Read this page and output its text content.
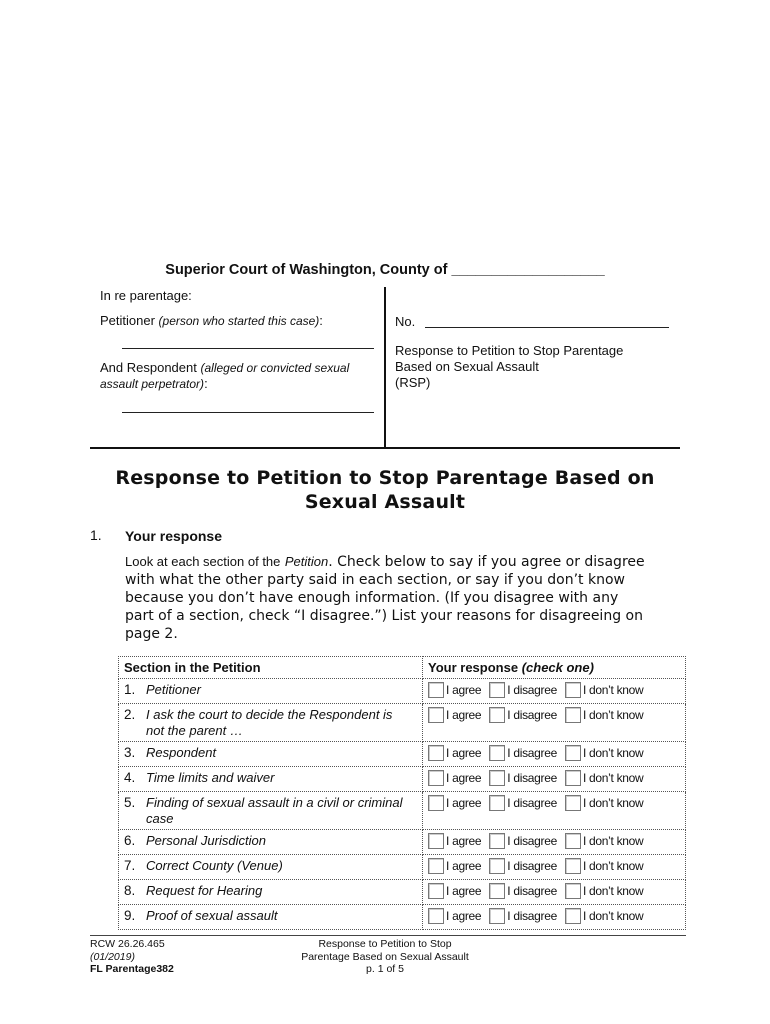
Superior Court of Washington, County of ___________________
In re parentage:
Petitioner (person who started this case):
And Respondent (alleged or convicted sexual
assault perpetrator):
No.
Response to Petition to Stop Parentage
Based on Sexual Assault
(RSP)
Response to Petition to Stop Parentage Based on
Sexual Assault
1. Your response
Look at each section of the Petition. Check below to say if you agree or disagree with what the other party said in each section, or say if you don’t know because you don’t have enough information. (If you disagree with any part of a section, check “I disagree.”) List your reasons for disagreeing on page 2.
Section in the Petition	Your response (check one)
1. Petitioner	I agree I disagree I don’t know

2. I ask the court to decide the Respondent is not the parent …	I agree I disagree I don’t know

3. Respondent	I agree I disagree I don’t know

4. Time limits and waiver	I agree I disagree I don’t know

5. Finding of sexual assault in a civil or criminal case	I agree I disagree I don’t know

6. Personal Jurisdiction	I agree I disagree I don’t know

7. Correct County (Venue)	I agree I disagree I don’t know

8. Request for Hearing	I agree I disagree I don’t know

9. Proof of sexual assault	I agree I disagree I don’t know
RCW 26.26.465
(01/2019)
FL Parentage382
Response to Petition to Stop
Parentage Based on Sexual Assault
p. 1 of 5
